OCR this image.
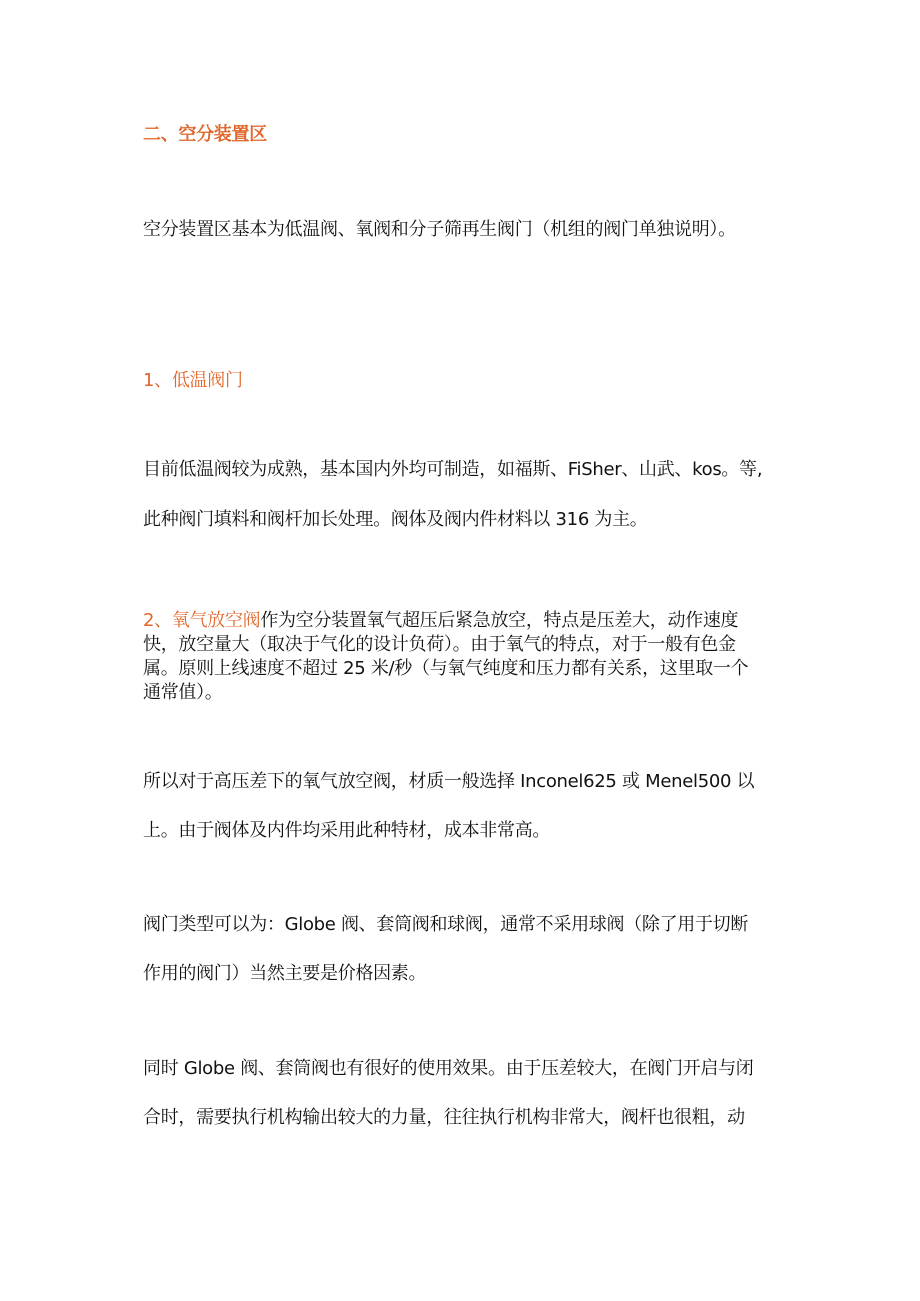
二、空分装置区

空分装置区基本为低温阀、氧阀和分子筛再生阀门（机组的阀门单独说明）。

1、低温阀门

目前低温阀较为成熟，基本国内外均可制造，如福斯、FiSher、山武、kos。等,

此种阀门填料和阀杆加长处理。阀体及阀内件材料以 316 为主。

2、氧气放空阀作为空分装置氧气超压后紧急放空，特点是压差大，动作速度

快，放空量大（取决于气化的设计负荷）。由于氧气的特点，对于一般有色金

属。原则上线速度不超过 25 米/秒（与氧气纯度和压力都有关系，这里取一个

通常值）。

所以对于高压差下的氧气放空阀，材质一般选择 Inconel625 或 Menel500 以

上。由于阀体及内件均采用此种特材，成本非常高。

阀门类型可以为：Globe 阀、套筒阀和球阀，通常不采用球阀（除了用于切断

作用的阀门）当然主要是价格因素。

同时 Globe 阀、套筒阀也有很好的使用效果。由于压差较大，在阀门开启与闭

合时，需要执行机构输出较大的力量，往往执行机构非常大，阀杆也很粗，动
